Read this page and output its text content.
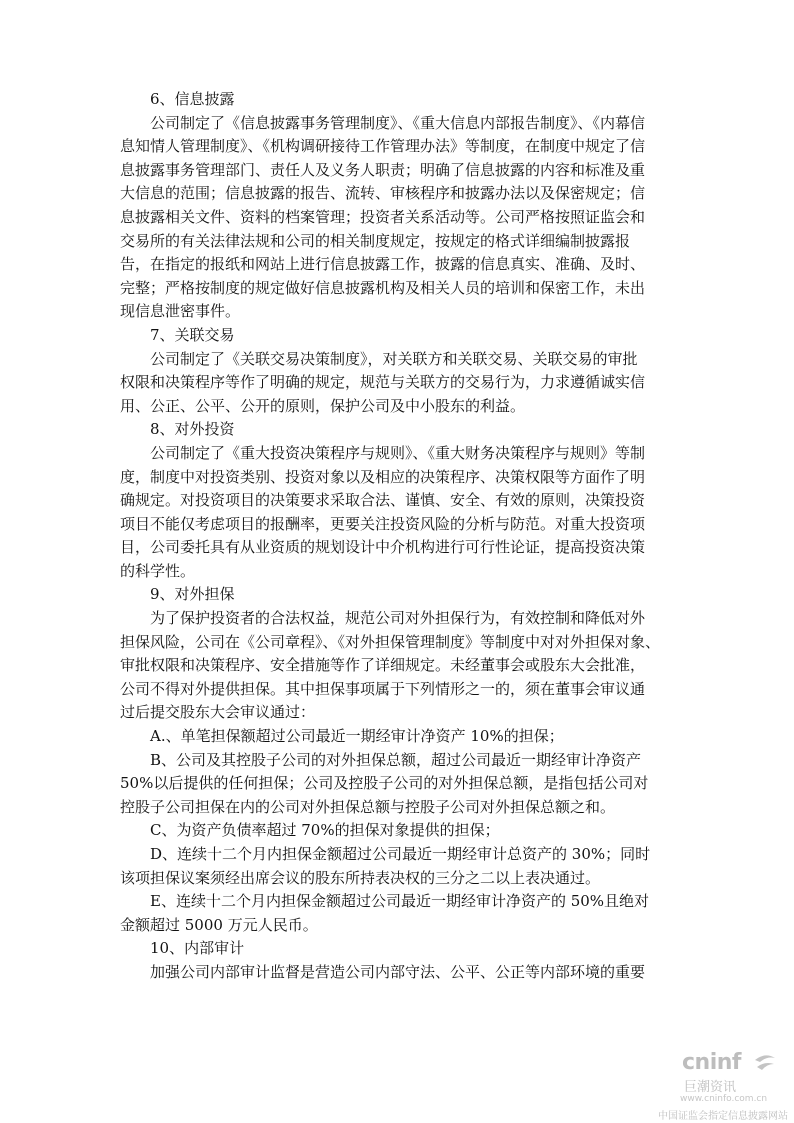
6、信息披露
公司制定了《信息披露事务管理制度》、《重大信息内部报告制度》、《内幕信
息知情人管理制度》、《机构调研接待工作管理办法》等制度，在制度中规定了信
息披露事务管理部门、责任人及义务人职责；明确了信息披露的内容和标准及重
大信息的范围；信息披露的报告、流转、审核程序和披露办法以及保密规定；信
息披露相关文件、资料的档案管理；投资者关系活动等。公司严格按照证监会和
交易所的有关法律法规和公司的相关制度规定，按规定的格式详细编制披露报
告，在指定的报纸和网站上进行信息披露工作，披露的信息真实、准确、及时、
完整；严格按制度的规定做好信息披露机构及相关人员的培训和保密工作，未出
现信息泄密事件。
7、关联交易
公司制定了《关联交易决策制度》，对关联方和关联交易、关联交易的审批
权限和决策程序等作了明确的规定，规范与关联方的交易行为，力求遵循诚实信
用、公正、公平、公开的原则，保护公司及中小股东的利益。
8、对外投资
公司制定了《重大投资决策程序与规则》、《重大财务决策程序与规则》等制
度，制度中对投资类别、投资对象以及相应的决策程序、决策权限等方面作了明
确规定。对投资项目的决策要求采取合法、谨慎、安全、有效的原则，决策投资
项目不能仅考虑项目的报酬率，更要关注投资风险的分析与防范。对重大投资项
目，公司委托具有从业资质的规划设计中介机构进行可行性论证，提高投资决策
的科学性。
9、对外担保
为了保护投资者的合法权益，规范公司对外担保行为，有效控制和降低对外
担保风险，公司在《公司章程》、《对外担保管理制度》等制度中对对外担保对象、
审批权限和决策程序、安全措施等作了详细规定。未经董事会或股东大会批准，
公司不得对外提供担保。其中担保事项属于下列情形之一的，须在董事会审议通
过后提交股东大会审议通过：
A.、单笔担保额超过公司最近一期经审计净资产 10%的担保；
B、公司及其控股子公司的对外担保总额，超过公司最近一期经审计净资产
50%以后提供的任何担保；公司及控股子公司的对外担保总额，是指包括公司对
控股子公司担保在内的公司对外担保总额与控股子公司对外担保总额之和。
C、为资产负债率超过 70%的担保对象提供的担保；
D、连续十二个月内担保金额超过公司最近一期经审计总资产的 30%；同时
该项担保议案须经出席会议的股东所持表决权的三分之二以上表决通过。
E、连续十二个月内担保金额超过公司最近一期经审计净资产的 50%且绝对
金额超过 5000 万元人民币。
10、内部审计
加强公司内部审计监督是营造公司内部守法、公平、公正等内部环境的重要
cninf
巨潮资讯
www.cninfo.com.cn
中国证监会指定信息披露网站
